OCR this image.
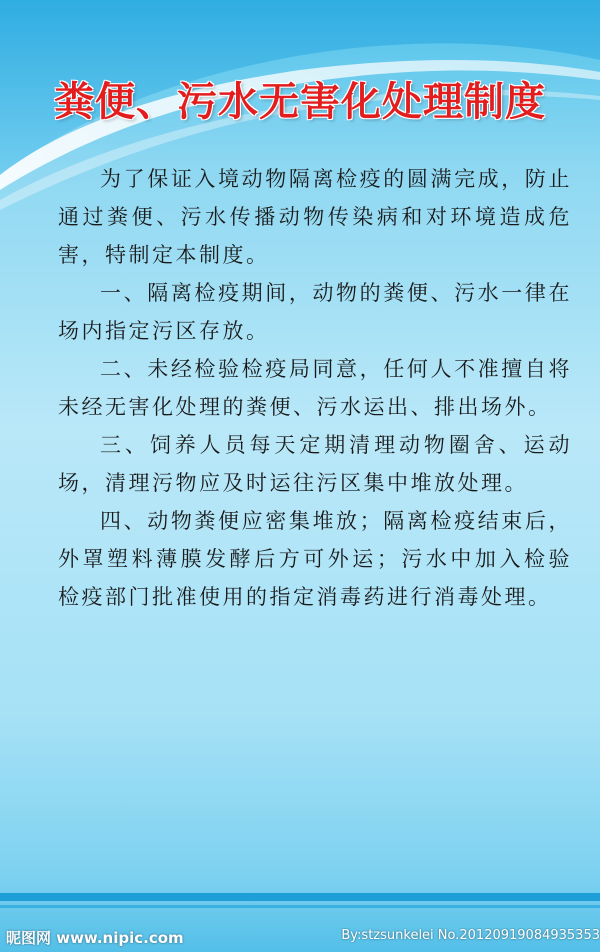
粪便、污水无害化处理制度

为了保证入境动物隔离检疫的圆满完成，防止通过粪便、污水传播动物传染病和对环境造成危害，特制定本制度。

一、隔离检疫期间，动物的粪便、污水一律在场内指定污区存放。

二、未经检验检疫局同意，任何人不准擅自将未经无害化处理的粪便、污水运出、排出场外。

三、饲养人员每天定期清理动物圈舍、运动场，清理污物应及时运往污区集中堆放处理。

四、动物粪便应密集堆放；隔离检疫结束后，外罩塑料薄膜发酵后方可外运；污水中加入检验检疫部门批准使用的指定消毒药进行消毒处理。

昵图网 www.nipic.com	By:stzsunkelei No.20120919084935353
